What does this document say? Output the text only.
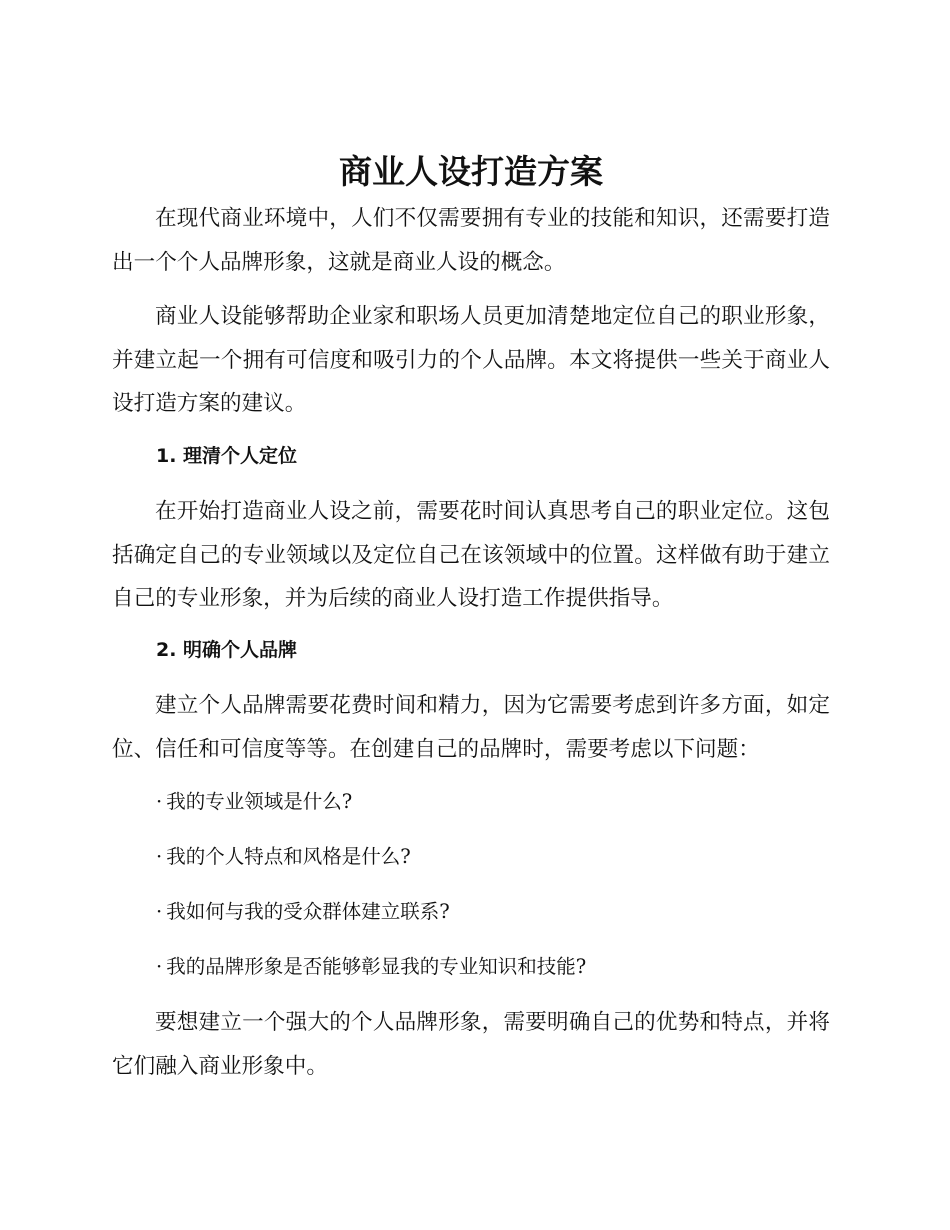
商业人设打造方案

在现代商业环境中，人们不仅需要拥有专业的技能和知识，还需要打造出一个个人品牌形象，这就是商业人设的概念。

商业人设能够帮助企业家和职场人员更加清楚地定位自己的职业形象，并建立起一个拥有可信度和吸引力的个人品牌。本文将提供一些关于商业人设打造方案的建议。

1. 理清个人定位

在开始打造商业人设之前，需要花时间认真思考自己的职业定位。这包括确定自己的专业领域以及定位自己在该领域中的位置。这样做有助于建立自己的专业形象，并为后续的商业人设打造工作提供指导。

2. 明确个人品牌

建立个人品牌需要花费时间和精力，因为它需要考虑到许多方面，如定位、信任和可信度等等。在创建自己的品牌时，需要考虑以下问题：

· 我的专业领域是什么?

· 我的个人特点和风格是什么?

· 我如何与我的受众群体建立联系?

· 我的品牌形象是否能够彰显我的专业知识和技能?

要想建立一个强大的个人品牌形象，需要明确自己的优势和特点，并将它们融入商业形象中。
